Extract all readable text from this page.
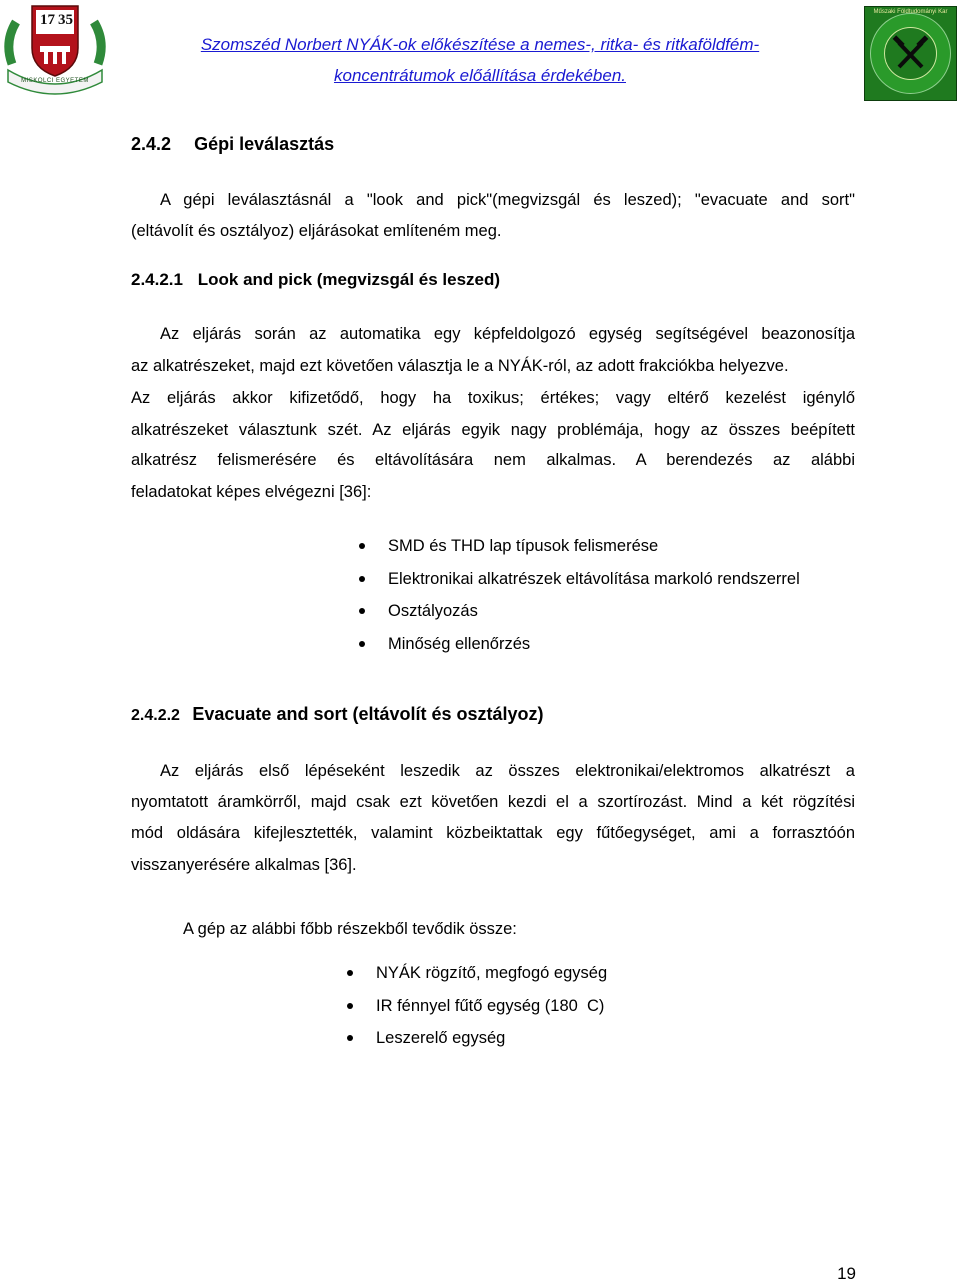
17 35
MISKOLCI EGYETEM
Szomszéd Norbert NYÁK-ok előkészítése a nemes-, ritka- és ritkaföldfém-
koncentrátumok előállítása érdekében.
Műszaki Földtudományi Kar
2.4.2 Gépi leválasztás
A gépi leválasztásnál a "look and pick"(megvizsgál és leszed); "evacuate and sort"
(eltávolít és osztályoz) eljárásokat említeném meg.
2.4.2.1 Look and pick (megvizsgál és leszed)
Az eljárás során az automatika egy képfeldolgozó egység segítségével beazonosítja
az alkatrészeket, majd ezt követően választja le a NYÁK-ról, az adott frakciókba helyezve.
Az eljárás akkor kifizetődő, hogy ha toxikus; értékes; vagy eltérő kezelést igénylő
alkatrészeket választunk szét. Az eljárás egyik nagy problémája, hogy az összes beépített
alkatrész felismerésére és eltávolítására nem alkalmas. A berendezés az alábbi
feladatokat képes elvégezni [36]:
SMD és THD lap típusok felismerése
Elektronikai alkatrészek eltávolítása markoló rendszerrel
Osztályozás
Minőség ellenőrzés
2.4.2.2 Evacuate and sort (eltávolít és osztályoz)
Az eljárás első lépéseként leszedik az összes elektronikai/elektromos alkatrészt a
nyomtatott áramkörről, majd csak ezt követően kezdi el a szortírozást. Mind a két rögzítési
mód oldására kifejlesztették, valamint közbeiktattak egy fűtőegységet, ami a forrasztóón
visszanyerésére alkalmas [36].
A gép az alábbi főbb részekből tevődik össze:
NYÁK rögzítő, megfogó egység
IR fénnyel fűtő egység (180  C)
Leszerelő egység
19
